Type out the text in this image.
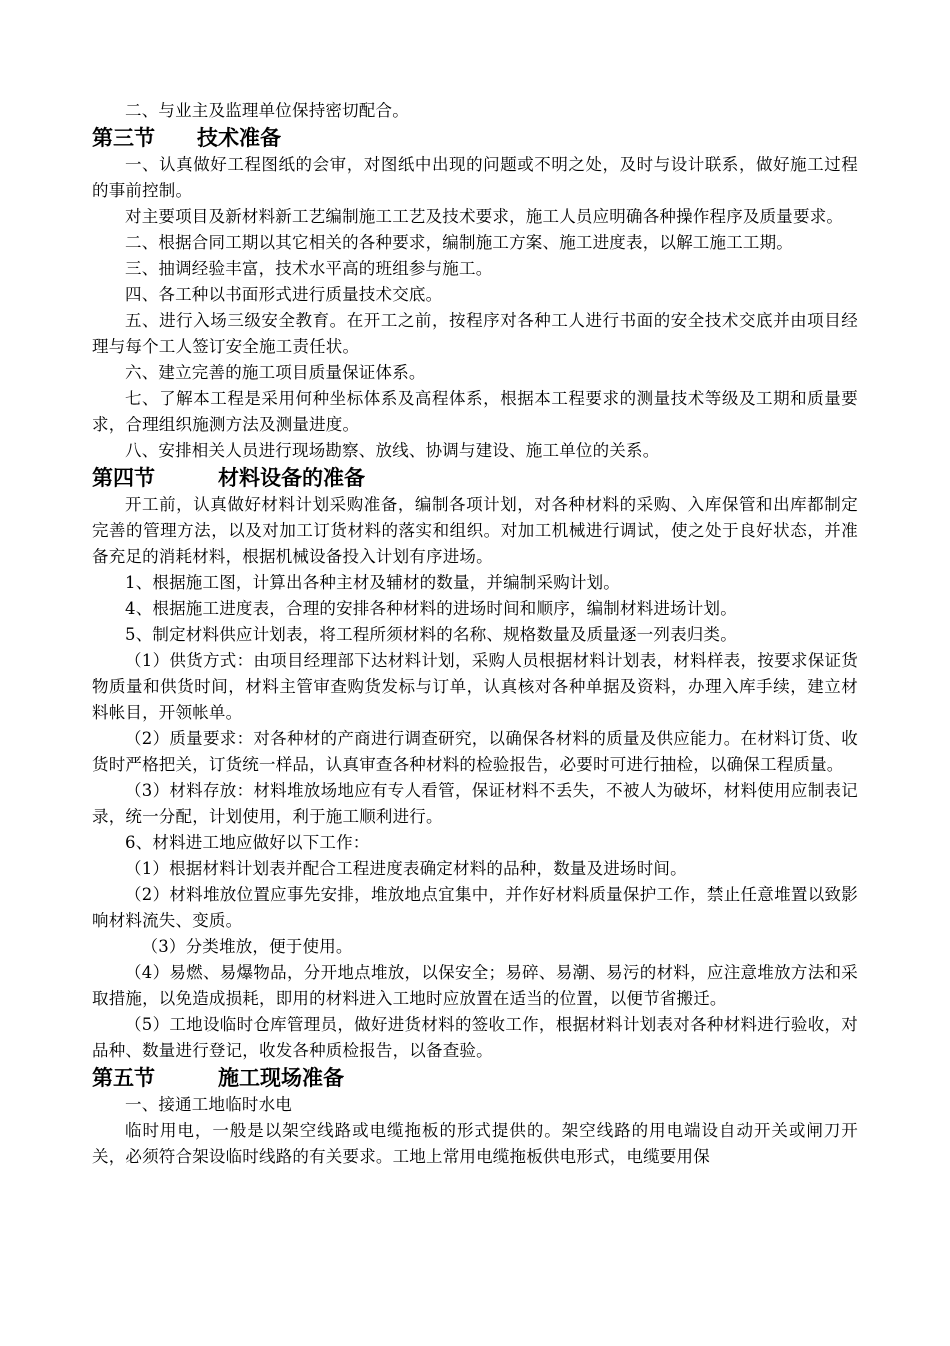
二、与业主及监理单位保持密切配合。

第三节　　技术准备

一、认真做好工程图纸的会审，对图纸中出现的问题或不明之处，及时与设计联系，做好施工过程的事前控制。

对主要项目及新材料新工艺编制施工工艺及技术要求，施工人员应明确各种操作程序及质量要求。

二、根据合同工期以其它相关的各种要求，编制施工方案、施工进度表，以解工施工工期。

三、抽调经验丰富，技术水平高的班组参与施工。

四、各工种以书面形式进行质量技术交底。

五、进行入场三级安全教育。在开工之前，按程序对各种工人进行书面的安全技术交底并由项目经理与每个工人签订安全施工责任状。

六、建立完善的施工项目质量保证体系。

七、了解本工程是采用何种坐标体系及高程体系，根据本工程要求的测量技术等级及工期和质量要求，合理组织施测方法及测量进度。

八、安排相关人员进行现场勘察、放线、协调与建设、施工单位的关系。

第四节　　　材料设备的准备

开工前，认真做好材料计划采购准备，编制各项计划，对各种材料的采购、入库保管和出库都制定完善的管理方法，以及对加工订货材料的落实和组织。对加工机械进行调试，使之处于良好状态，并准备充足的消耗材料，根据机械设备投入计划有序进场。

1、根据施工图，计算出各种主材及辅材的数量，并编制采购计划。

4、根据施工进度表，合理的安排各种材料的进场时间和顺序，编制材料进场计划。

5、制定材料供应计划表，将工程所须材料的名称、规格数量及质量逐一列表归类。

（1）供货方式：由项目经理部下达材料计划，采购人员根据材料计划表，材料样表，按要求保证货物质量和供货时间，材料主管审查购货发标与订单，认真核对各种单据及资料，办理入库手续，建立材料帐目，开领帐单。

（2）质量要求：对各种材的产商进行调查研究，以确保各材料的质量及供应能力。在材料订货、收货时严格把关，订货统一样品，认真审查各种材料的检验报告，必要时可进行抽检，以确保工程质量。

（3）材料存放：材料堆放场地应有专人看管，保证材料不丢失，不被人为破坏，材料使用应制表记录，统一分配，计划使用，利于施工顺利进行。

6、材料进工地应做好以下工作：

（1）根据材料计划表并配合工程进度表确定材料的品种，数量及进场时间。

（2）材料堆放位置应事先安排，堆放地点宜集中，并作好材料质量保护工作，禁止任意堆置以致影响材料流失、变质。

（3）分类堆放，便于使用。

（4）易燃、易爆物品，分开地点堆放，以保安全；易碎、易潮、易污的材料，应注意堆放方法和采取措施，以免造成损耗，即用的材料进入工地时应放置在适当的位置，以便节省搬迁。

（5）工地设临时仓库管理员，做好进货材料的签收工作，根据材料计划表对各种材料进行验收，对品种、数量进行登记，收发各种质检报告，以备查验。

第五节　　　施工现场准备

一、接通工地临时水电

临时用电，一般是以架空线路或电缆拖板的形式提供的。架空线路的用电端设自动开关或闸刀开关，必须符合架设临时线路的有关要求。工地上常用电缆拖板供电形式，电缆要用保
